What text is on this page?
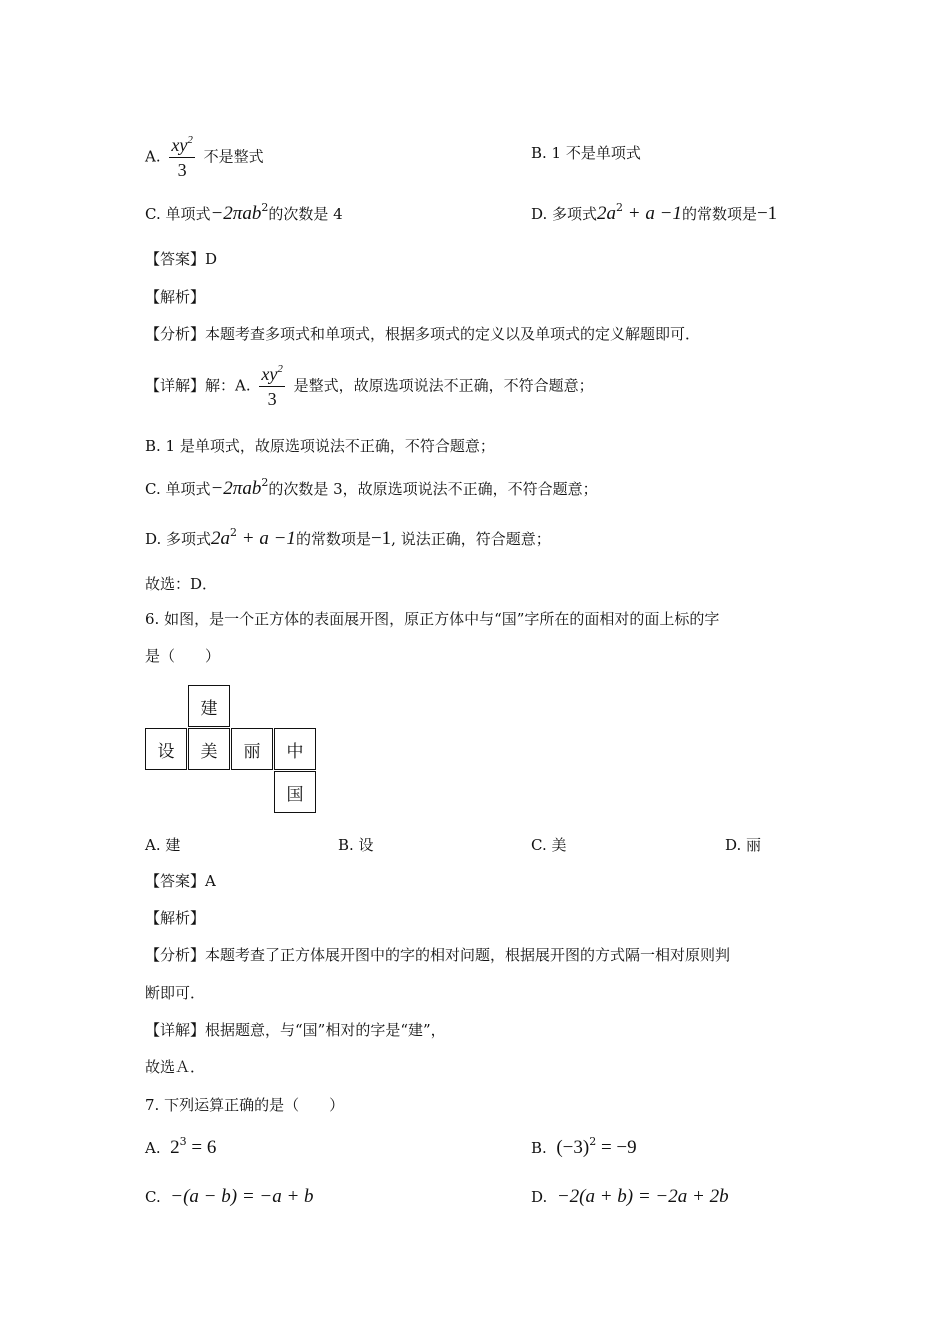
A. $\frac{xy^2}{3}$ 不是整式	B. 1 不是单项式
C. 单项式−2πab$^2$的次数是 4	D. 多项式$2a^2 + a -1$的常数项是−1
【答案】D
【解析】
【分析】本题考查多项式和单项式，根据多项式的定义以及单项式的定义解题即可．
【详解】解：A. $\frac{xy^2}{3}$ 是整式，故原选项说法不正确，不符合题意；
B. 1 是单项式，故原选项说法不正确，不符合题意；
C. 单项式−2πab$^2$的次数是 3，故原选项说法不正确，不符合题意；
D. 多项式$2a^2 + a -1$的常数项是−1, 说法正确，符合题意；
故选：D．
6. 如图，是一个正方体的表面展开图，原正方体中与“国”字所在的面相对的面上标的字
是（　　）
建
设	美	丽	中
国
A. 建	B. 设	C. 美	D. 丽
【答案】A
【解析】
【分析】本题考查了正方体展开图中的字的相对问题，根据展开图的方式隔一相对原则判
断即可．
【详解】根据题意，与“国”相对的字是“建”，
故选Ａ．
7. 下列运算正确的是（　　）
A. $2^3 = 6$	B. $(-3)^2 = -9$
C. −(a − b) = −a + b	D. −2(a + b) = −2a + 2b
